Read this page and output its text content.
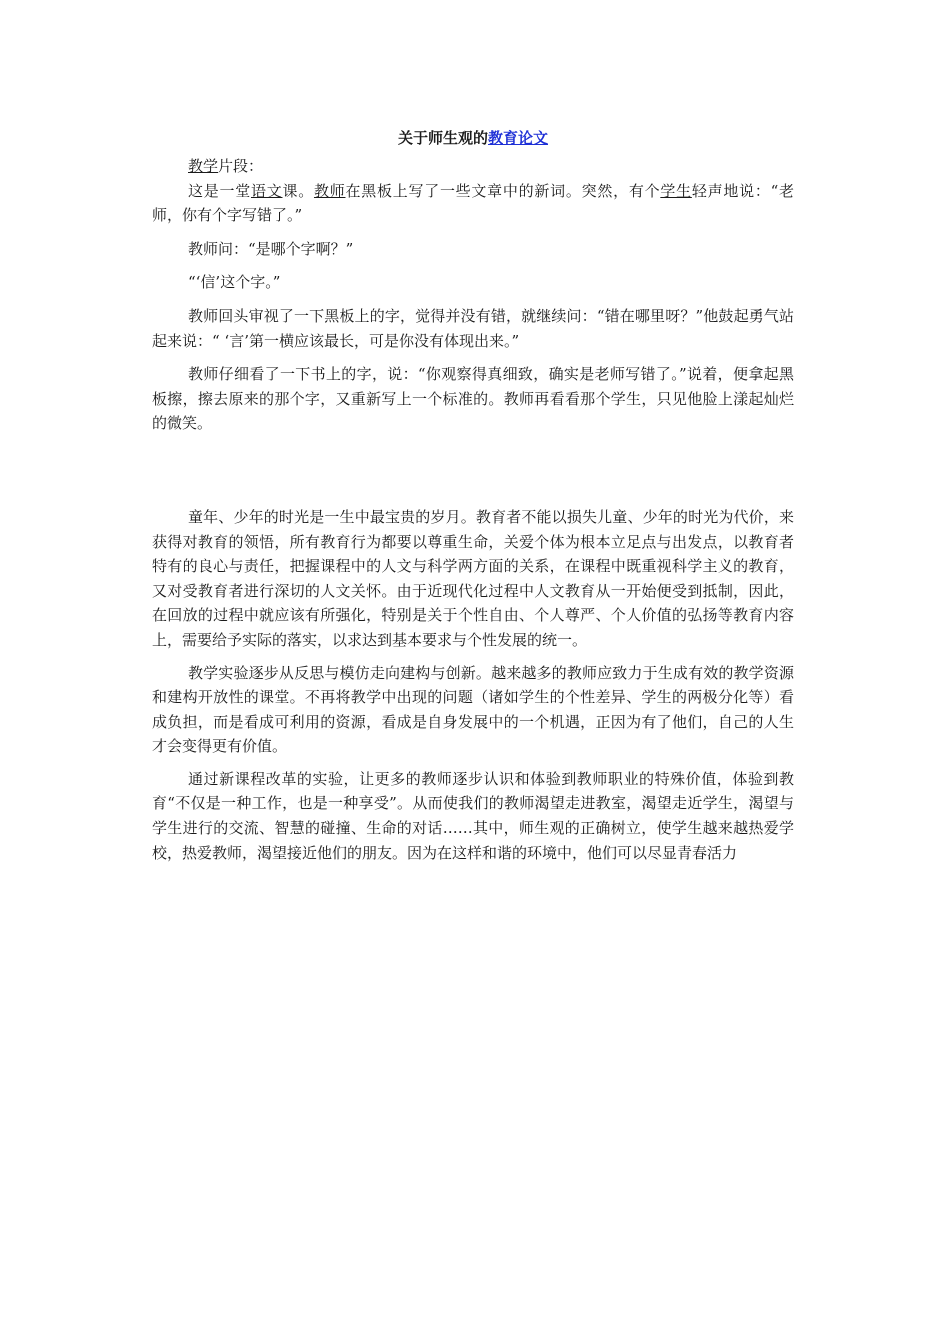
关于师生观的教育论文

教学片段：

这是一堂语文课。教师在黑板上写了一些文章中的新词。突然，有个学生轻声地说：“老师，你有个字写错了。”

教师问：“是哪个字啊？”

“‘信’这个字。”

教师回头审视了一下黑板上的字，觉得并没有错，就继续问：“错在哪里呀？”他鼓起勇气站起来说：“ ‘言’第一横应该最长，可是你没有体现出来。”

教师仔细看了一下书上的字，说：“你观察得真细致，确实是老师写错了。”说着，便拿起黑板擦，擦去原来的那个字，又重新写上一个标准的。教师再看看那个学生，只见他脸上漾起灿烂的微笑。

童年、少年的时光是一生中最宝贵的岁月。教育者不能以损失儿童、少年的时光为代价，来获得对教育的领悟，所有教育行为都要以尊重生命，关爱个体为根本立足点与出发点，以教育者特有的良心与责任，把握课程中的人文与科学两方面的关系，在课程中既重视科学主义的教育，又对受教育者进行深切的人文关怀。由于近现代化过程中人文教育从一开始便受到抵制，因此，在回放的过程中就应该有所强化，特别是关于个性自由、个人尊严、个人价值的弘扬等教育内容上，需要给予实际的落实，以求达到基本要求与个性发展的统一。

教学实验逐步从反思与模仿走向建构与创新。越来越多的教师应致力于生成有效的教学资源和建构开放性的课堂。不再将教学中出现的问题（诸如学生的个性差异、学生的两极分化等）看成负担，而是看成可利用的资源，看成是自身发展中的一个机遇，正因为有了他们，自己的人生才会变得更有价值。

通过新课程改革的实验，让更多的教师逐步认识和体验到教师职业的特殊价值，体验到教育“不仅是一种工作，也是一种享受”。从而使我们的教师渴望走进教室，渴望走近学生，渴望与学生进行的交流、智慧的碰撞、生命的对话……其中，师生观的正确树立，使学生越来越热爱学校，热爱教师，渴望接近他们的朋友。因为在这样和谐的环境中，他们可以尽显青春活力
